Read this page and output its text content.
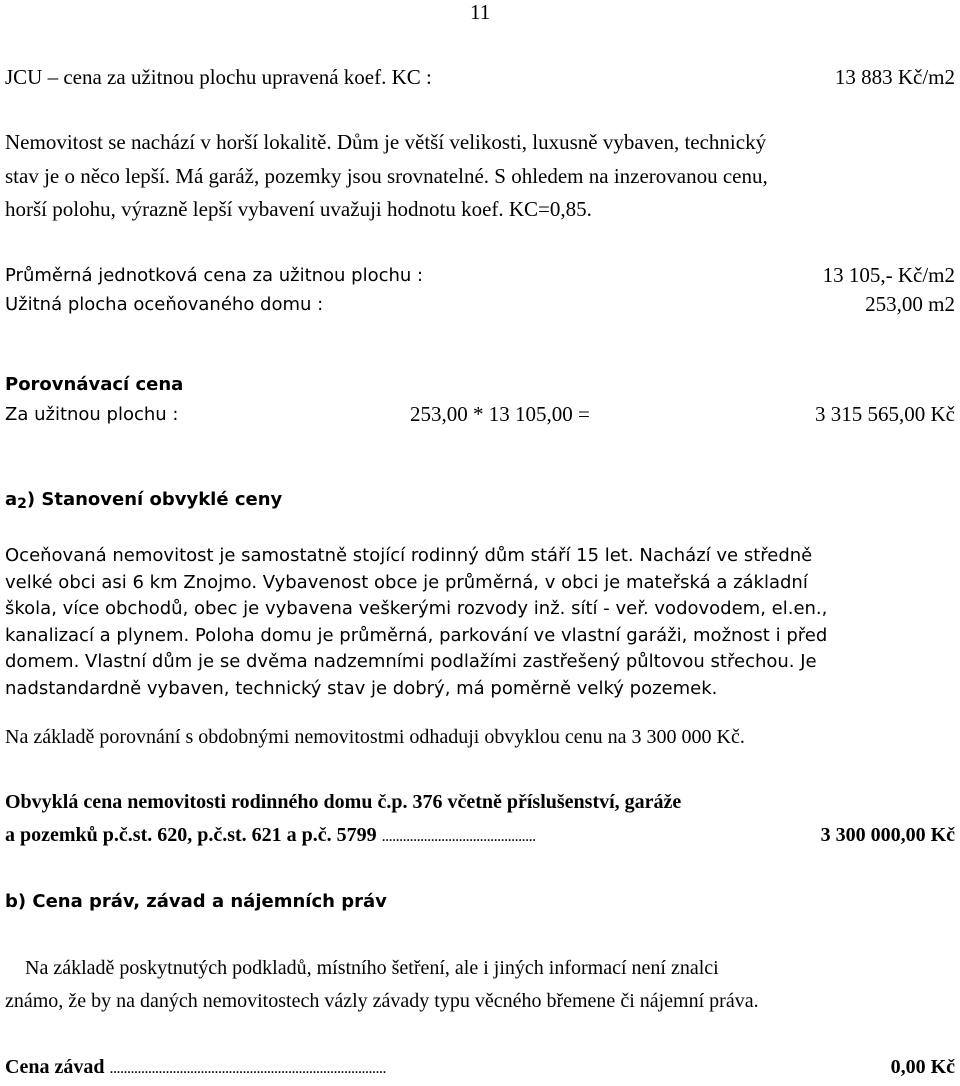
11
JCU – cena za užitnou plochu upravená koef. KC :	13 883 Kč/m2
Nemovitost se nachází v horší lokalitě. Dům je větší velikosti, luxusně vybaven, technický
stav je o něco lepší. Má garáž, pozemky jsou srovnatelné. S ohledem na inzerovanou cenu,
horší polohu, výrazně lepší vybavení uvažuji hodnotu koef. KC=0,85.
Průměrná jednotková cena za užitnou plochu :	13 105,- Kč/m2
Užitná plocha oceňovaného domu :	253,00 m2
Porovnávací cena
Za užitnou plochu :	253,00 * 13 105,00 =	3 315 565,00 Kč
a2) Stanovení obvyklé ceny
Oceňovaná nemovitost je samostatně stojící rodinný dům stáří 15 let. Nachází ve středně
velké obci asi 6 km Znojmo. Vybavenost obce je průměrná, v obci je mateřská a základní
škola, více obchodů, obec je vybavena veškerými rozvody inž. sítí - veř. vodovodem, el.en.,
kanalizací a plynem. Poloha domu je průměrná, parkování ve vlastní garáži, možnost i před
domem. Vlastní dům je se dvěma nadzemními podlažími zastřešený půltovou střechou. Je
nadstandardně vybaven, technický stav je dobrý, má poměrně velký pozemek.
Na základě porovnání s obdobnými nemovitostmi odhaduji obvyklou cenu na 3 300 000 Kč.
Obvyklá cena nemovitosti rodinného domu č.p. 376 včetně příslušenství, garáže
a pozemků p.č.st. 620, p.č.st. 621 a p.č. 5799 ............................................	3 300 000,00 Kč
b) Cena práv, závad a nájemních práv
Na základě poskytnutých podkladů, místního šetření, ale i jiných informací není znalci
známo, že by na daných nemovitostech vázly závady typu věcného břemene či nájemní práva.
Cena závad ...............................................................................	0,00 Kč
